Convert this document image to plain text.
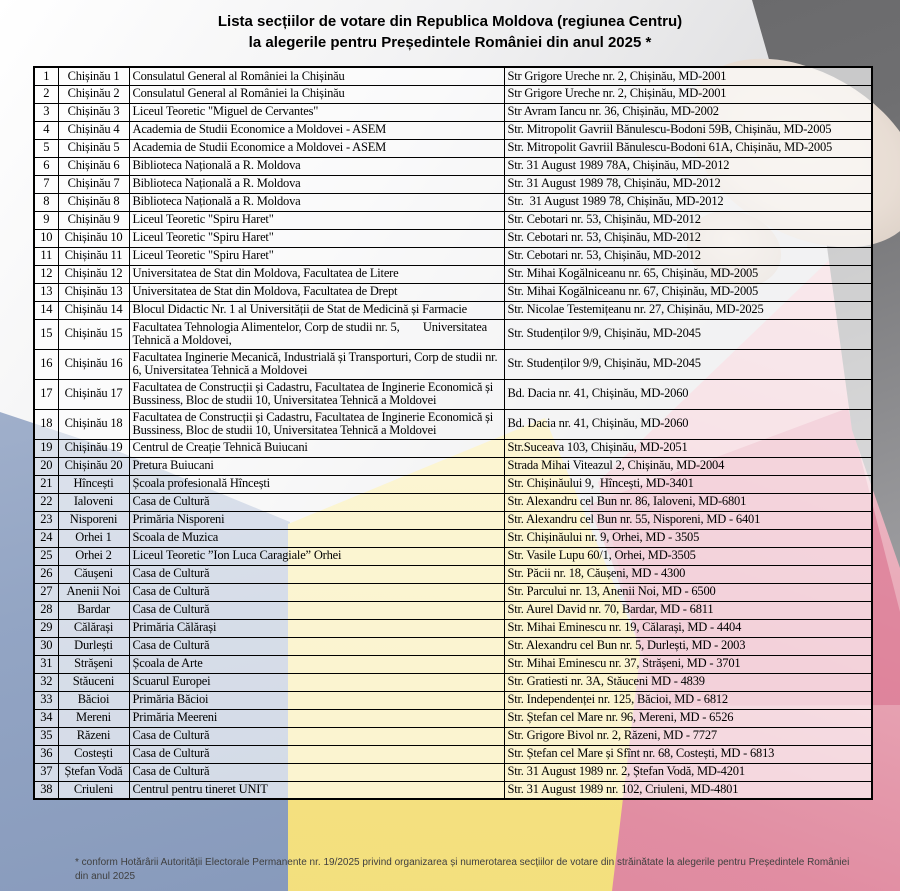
Lista secțiilor de votare din Republica Moldova (regiunea Centru)
la alegerile pentru Președintele României din anul 2025 *
1	Chișinău 1	Consulatul General al României la Chișinău	Str Grigore Ureche nr. 2, Chișinău, MD-2001
2	Chișinău 2	Consulatul General al României la Chișinău	Str Grigore Ureche nr. 2, Chișinău, MD-2001
3	Chișinău 3	Liceul Teoretic "Miguel de Cervantes"	Str Avram Iancu nr. 36, Chișinău, MD-2002
4	Chișinău 4	Academia de Studii Economice a Moldovei - ASEM	Str. Mitropolit Gavriil Bănulescu-Bodoni 59B, Chișinău, MD-2005
5	Chișinău 5	Academia de Studii Economice a Moldovei - ASEM	Str. Mitropolit Gavriil Bănulescu-Bodoni 61A, Chișinău, MD-2005
6	Chișinău 6	Biblioteca Națională a R. Moldova	Str. 31 August 1989 78A, Chișinău, MD-2012
7	Chișinău 7	Biblioteca Națională a R. Moldova	Str. 31 August 1989 78, Chișinău, MD-2012
8	Chișinău 8	Biblioteca Națională a R. Moldova	Str.  31 August 1989 78, Chișinău, MD-2012
9	Chișinău 9	Liceul Teoretic "Spiru Haret"	Str. Cebotari nr. 53, Chișinău, MD-2012
10	Chișinău 10	Liceul Teoretic "Spiru Haret"	Str. Cebotari nr. 53, Chișinău, MD-2012
11	Chișinău 11	Liceul Teoretic "Spiru Haret"	Str. Cebotari nr. 53, Chișinău, MD-2012
12	Chișinău 12	Universitatea de Stat din Moldova, Facultatea de Litere	Str. Mihai Kogălniceanu nr. 65, Chișinău, MD-2005
13	Chișinău 13	Universitatea de Stat din Moldova, Facultatea de Drept	Str. Mihai Kogălniceanu nr. 67, Chișinău, MD-2005
14	Chișinău 14	Blocul Didactic Nr. 1 al Universității de Stat de Medicină și Farmacie	Str. Nicolae Testemițeanu nr. 27, Chișinău, MD-2025
15	Chișinău 15	Facultatea Tehnologia Alimentelor, Corp de studii nr. 5,        Universitatea Tehnică a Moldovei,	Str. Studenților 9/9, Chișinău, MD-2045
16	Chișinău 16	Facultatea Inginerie Mecanică, Industrială și Transporturi, Corp de studii nr. 6, Universitatea Tehnică a Moldovei	Str. Studenților 9/9, Chișinău, MD-2045
17	Chișinău 17	Facultatea de Construcții și Cadastru, Facultatea de Inginerie Economică și Bussiness, Bloc de studii 10, Universitatea Tehnică a Moldovei	Bd. Dacia nr. 41, Chișinău, MD-2060
18	Chișinău 18	Facultatea de Construcții și Cadastru, Facultatea de Inginerie Economică și Bussiness, Bloc de studii 10, Universitatea Tehnică a Moldovei	Bd. Dacia nr. 41, Chișinău, MD-2060
19	Chișinău 19	Centrul de Creație Tehnică Buiucani	Str.Suceava 103, Chișinău, MD-2051
20	Chișinău 20	Pretura Buiucani	Strada Mihai Viteazul 2, Chișinău, MD-2004
21	Hîncești	Școala profesională Hîncești	Str. Chișinăului 9,  Hîncești, MD-3401
22	Ialoveni	Casa de Cultură	Str. Alexandru cel Bun nr. 86, Ialoveni, MD-6801
23	Nisporeni	Primăria Nisporeni	Str. Alexandru cel Bun nr. 55, Nisporeni, MD - 6401
24	Orhei 1	Scoala de Muzica	Str. Chișinăului nr. 9, Orhei, MD - 3505
25	Orhei 2	Liceul Teoretic ”Ion Luca Caragiale” Orhei	Str. Vasile Lupu 60/1, Orhei, MD-3505
26	Căușeni	Casa de Cultură	Str. Păcii nr. 18, Căușeni, MD - 4300
27	Anenii Noi	Casa de Cultură	Str. Parcului nr. 13, Anenii Noi, MD - 6500
28	Bardar	Casa de Cultură	Str. Aurel David nr. 70, Bardar, MD - 6811
29	Călărași	Primăria Călărași	Str. Mihai Eminescu nr. 19, Călarași, MD - 4404
30	Durlești	Casa de Cultură	Str. Alexandru cel Bun nr. 5, Durlești, MD - 2003
31	Strășeni	Școala de Arte	Str. Mihai Eminescu nr. 37, Strășeni, MD - 3701
32	Stăuceni	Scuarul Europei	Str. Gratiesti nr. 3A, Stăuceni MD - 4839
33	Băcioi	Primăria Băcioi	Str. Independenței nr. 125, Băcioi, MD - 6812
34	Mereni	Primăria Meereni	Str. Ștefan cel Mare nr. 96, Mereni, MD - 6526
35	Răzeni	Casa de Cultură	Str. Grigore Bivol nr. 2, Răzeni, MD - 7727
36	Costești	Casa de Cultură	Str. Ștefan cel Mare și Sfînt nr. 68, Costești, MD - 6813
37	Ștefan Vodă	Casa de Cultură	Str. 31 August 1989 nr. 2, Ștefan Vodă, MD-4201
38	Criuleni	Centrul pentru tineret UNIT	Str. 31 August 1989 nr. 102, Criuleni, MD-4801
* conform Hotărârii Autorității Electorale Permanente nr. 19/2025 privind organizarea și numerotarea secțiilor de votare din străinătate la alegerile pentru Președintele României
din anul 2025
